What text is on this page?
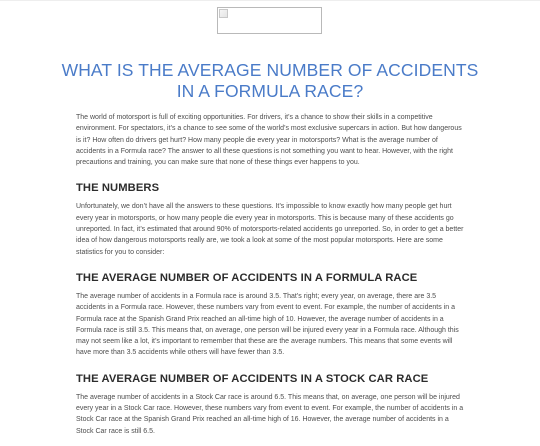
WHAT IS THE AVERAGE NUMBER OF ACCIDENTS IN A FORMULA RACE?

The world of motorsport is full of exciting opportunities. For drivers, it’s a chance to show their skills in a competitive environment. For spectators, it’s a chance to see some of the world’s most exclusive supercars in action. But how dangerous is it? How often do drivers get hurt? How many people die every year in motorsports? What is the average number of accidents in a Formula race? The answer to all these questions is not something you want to hear. However, with the right precautions and training, you can make sure that none of these things ever happens to you.

THE NUMBERS

Unfortunately, we don’t have all the answers to these questions. It’s impossible to know exactly how many people get hurt every year in motorsports, or how many people die every year in motorsports. This is because many of these accidents go unreported. In fact, it’s estimated that around 90% of motorsports-related accidents go unreported. So, in order to get a better idea of how dangerous motorsports really are, we took a look at some of the most popular motorsports. Here are some statistics for you to consider:

THE AVERAGE NUMBER OF ACCIDENTS IN A FORMULA RACE

The average number of accidents in a Formula race is around 3.5. That’s right; every year, on average, there are 3.5 accidents in a Formula race. However, these numbers vary from event to event. For example, the number of accidents in a Formula race at the Spanish Grand Prix reached an all-time high of 10. However, the average number of accidents in a Formula race is still 3.5. This means that, on average, one person will be injured every year in a Formula race. Although this may not seem like a lot, it’s important to remember that these are the average numbers. This means that some events will have more than 3.5 accidents while others will have fewer than 3.5.

THE AVERAGE NUMBER OF ACCIDENTS IN A STOCK CAR RACE

The average number of accidents in a Stock Car race is around 6.5. This means that, on average, one person will be injured every year in a Stock Car race. However, these numbers vary from event to event. For example, the number of accidents in a Stock Car race at the Spanish Grand Prix reached an all-time high of 16. However, the average number of accidents in a Stock Car race is still 6.5.
